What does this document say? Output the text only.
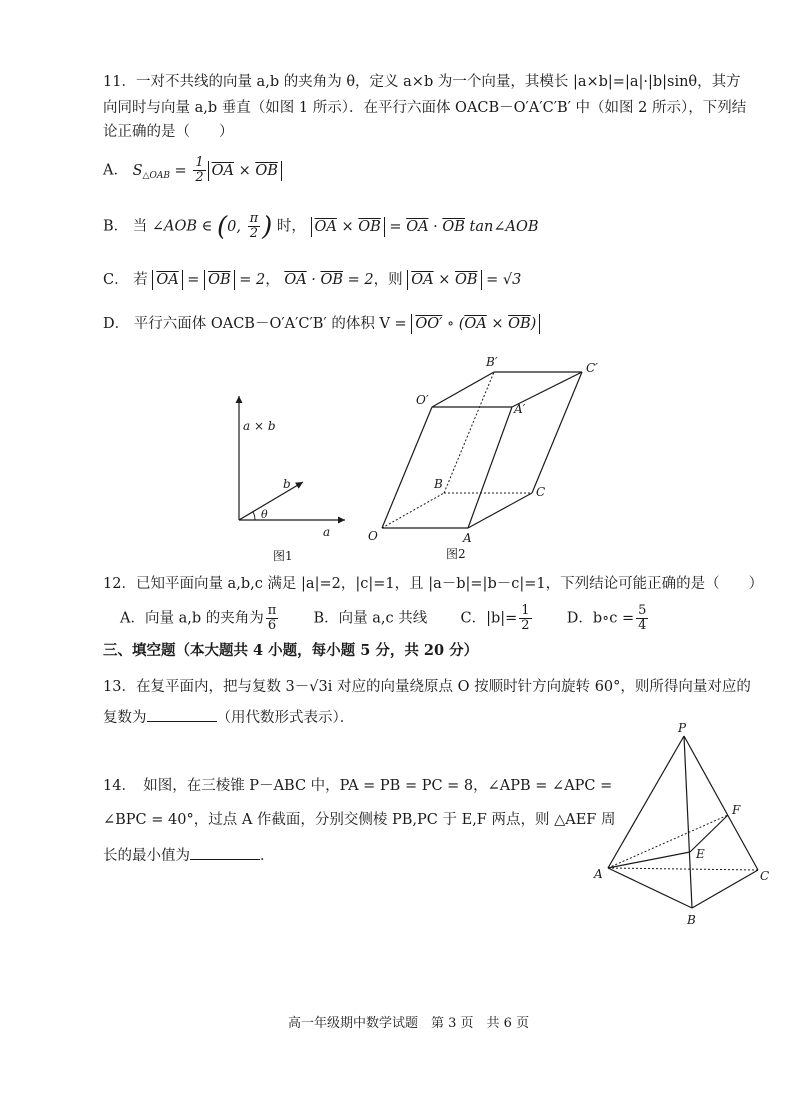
11．一对不共线的向量 a,b 的夹角为 θ，定义 a×b 为一个向量，其模长 |a×b|=|a|·|b|sinθ，其方
向同时与向量 a,b 垂直（如图 1 所示）．在平行六面体 OACB－O′A′C′B′ 中（如图 2 所示），下列结
论正确的是（　　）
A． $S_{\triangle OAB} = \frac{1}{2} \overline{OA} \times \overline{OB}$
B． 当 ∠AOB ∈ (0, $\frac{\pi}{2}$ ) 时， $\overline{OA} \times \overline{OB} = \overline{OA} \cdot \overline{OB}$ tan∠AOB
C． 若 $\overline{OA} = \overline{OB} = 2$， $\overline{OA} \cdot \overline{OB} = 2$，则 $\overline{OA} \times \overline{OB} = √3$
D． 平行六面体 OACB－O′A′C′B′ 的体积 V = OO′ ∘ $(\overline{OA} \times \overline{OB})$
a × b
b
a
θ
图1
O	A
B
C
O′
A′
B′	C′
图2
12．已知平面向量 a,b,c 满足 |a|=2，|c|=1，且 |a－b|=|b－c|=1，下列结论可能正确的是（　　）
A．向量 a,b 的夹角为 $\frac{\pi}{6}$ B．向量 a,c 共线 C．$|b|= \frac{1}{2}$ D．b∘c = $\frac{5}{4}$
三、填空题（本大题共 4 小题，每小题 5 分，共 20 分）
13．在复平面内，把与复数 3－√3i 对应的向量绕原点 O 按顺时针方向旋转 60°，则所得向量对应的
复数为	（用代数形式表示）．
14．　如图，在三棱锥 P－ABC 中，PA = PB = PC = 8，∠APB = ∠APC =
∠BPC = 40°，过点 A 作截面，分别交侧棱 PB,PC 于 E,F 两点，则 △AEF 周
长的最小值为	．
P
A
B
C
E
F
高一年级期中数学试题　第 3 页　共 6 页
